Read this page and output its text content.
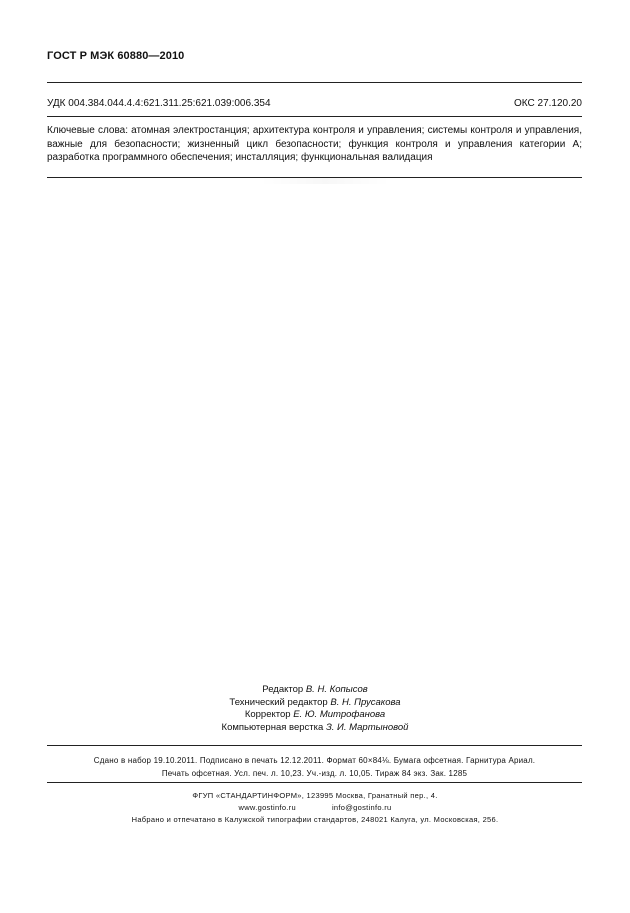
ГОСТ Р МЭК 60880—2010
УДК 004.384.044.4.4:621.311.25:621.039:006.354	ОКС 27.120.20
Ключевые слова: атомная электростанция; архитектура контроля и управления; системы контроля и управления, важные для безопасности; жизненный цикл безопасности; функция контроля и управления категории А; разработка программного обеспечения; инсталляция; функциональная валидация
Редактор В. Н. Копысов
Технический редактор В. Н. Прусакова
Корректор Е. Ю. Митрофанова
Компьютерная верстка З. И. Мартыновой
Сдано в набор 19.10.2011. Подписано в печать 12.12.2011. Формат 60×84⅛. Бумага офсетная. Гарнитура Ариал.
Печать офсетная. Усл. печ. л. 10,23. Уч.-изд. л. 10,05. Тираж 84 экз. Зак. 1285
ФГУП «СТАНДАРТИНФОРМ», 123995 Москва, Гранатный пер., 4.
www.gostinfo.ru	info@gostinfo.ru
Набрано и отпечатано в Калужской типографии стандартов, 248021 Калуга, ул. Московская, 256.
